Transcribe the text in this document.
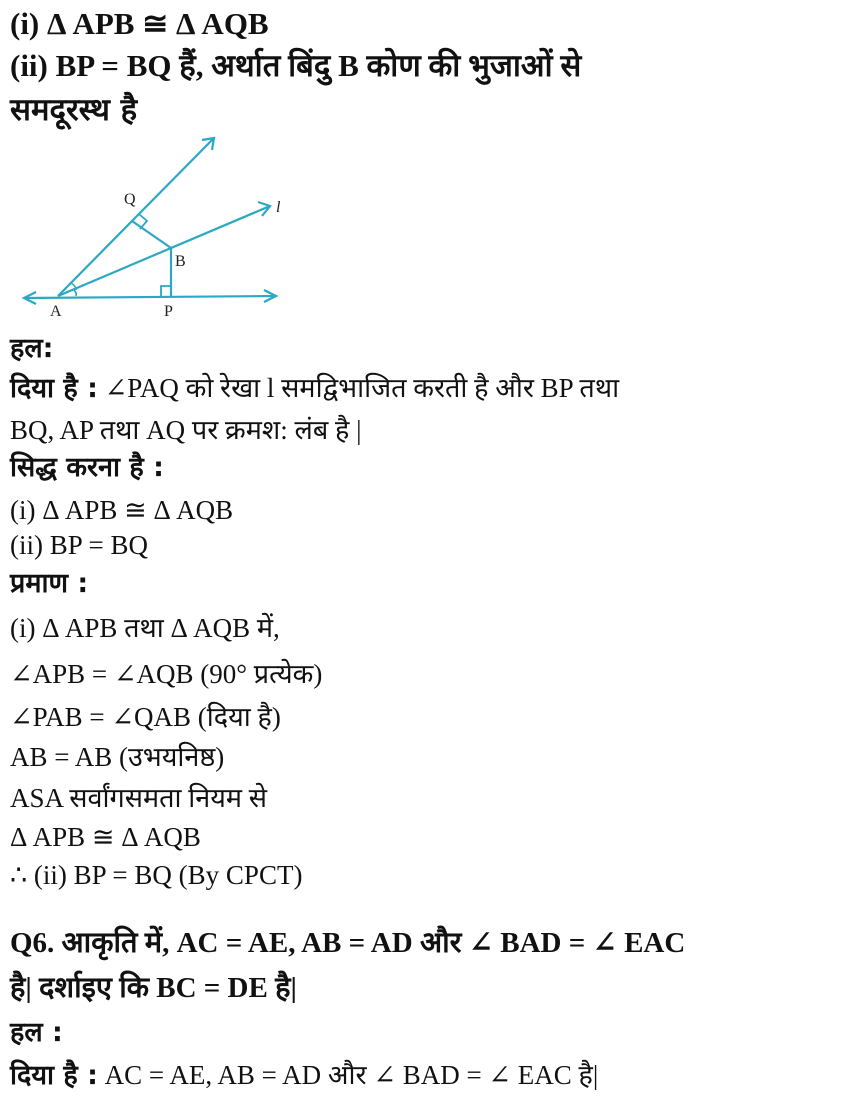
(i) Δ APB ≅ Δ AQB
(ii) BP = BQ हैं, अर्थात बिंदु B कोण की भुजाओं से
समदूरस्थ है
Q
B
A	P
l
हल:
दिया है : ∠PAQ को रेखा l समद्विभाजित करती है और BP तथा
BQ, AP तथा AQ पर क्रमश: लंब है |
सिद्ध करना है :
(i) Δ APB ≅ Δ AQB
(ii) BP = BQ
प्रमाण :
(i) Δ APB तथा Δ AQB में,
∠APB = ∠AQB (90° प्रत्येक)
∠PAB = ∠QAB (दिया है)
AB = AB (उभयनिष्ठ)
ASA सर्वांगसमता नियम से
Δ APB ≅ Δ AQB
∴ (ii) BP = BQ (By CPCT)
Q6. आकृति में, AC = AE, AB = AD और ∠ BAD = ∠ EAC
है| दर्शाइए कि BC = DE है|
हल :
दिया है : AC = AE, AB = AD और ∠ BAD = ∠ EAC है|
